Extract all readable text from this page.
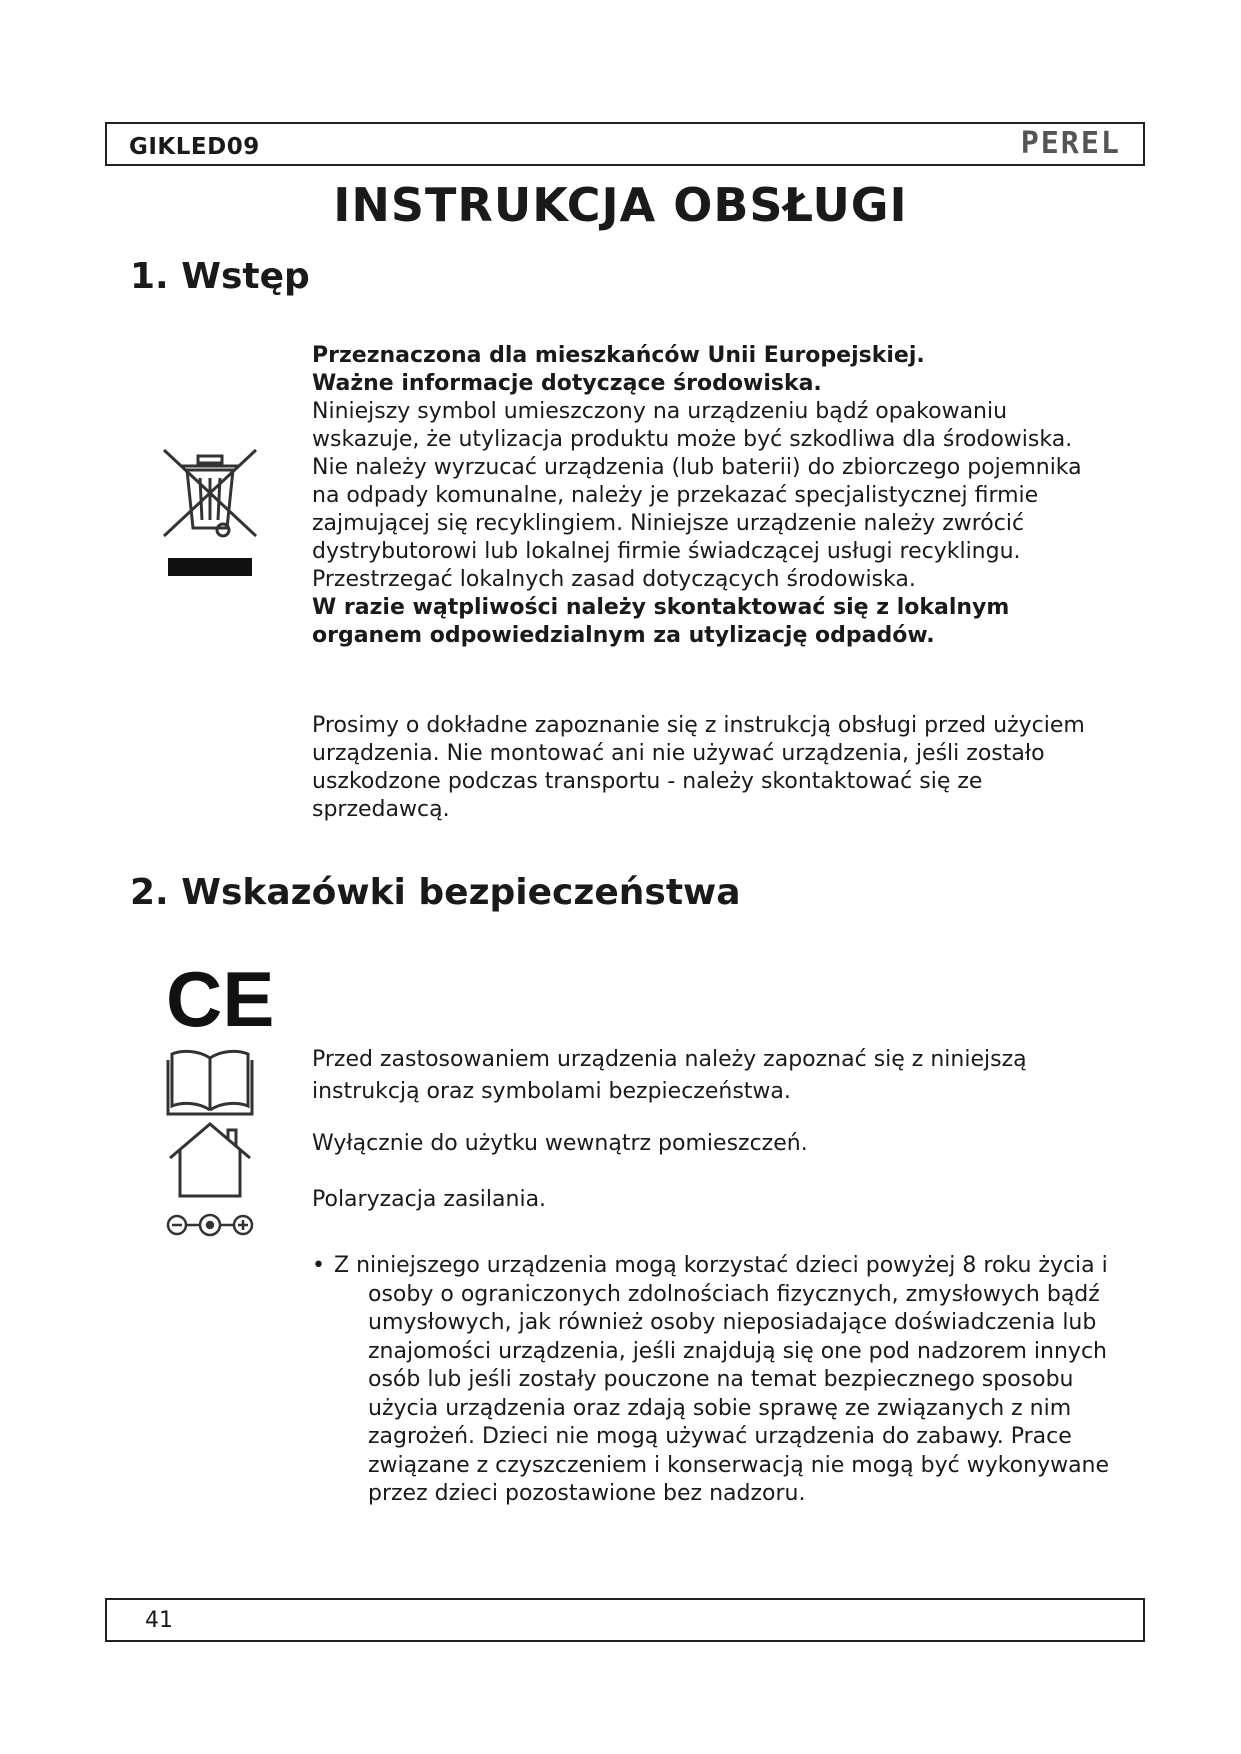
GIKLED09	PEREL
INSTRUKCJA OBSŁUGI
1. Wstęp

Przeznaczona dla mieszkańców Unii Europejskiej.

Ważne informacje dotyczące środowiska.

Niniejszy symbol umieszczony na urządzeniu bądź opakowaniu wskazuje, że utylizacja produktu może być szkodliwa dla środowiska. Nie należy wyrzucać urządzenia (lub baterii) do zbiorczego pojemnika na odpady komunalne, należy je przekazać specjalistycznej firmie zajmującej się recyklingiem. Niniejsze urządzenie należy zwrócić dystrybutorowi lub lokalnej firmie świadczącej usługi recyklingu. Przestrzegać lokalnych zasad dotyczących środowiska.

W razie wątpliwości należy skontaktować się z lokalnym organem odpowiedzialnym za utylizację odpadów.

Prosimy o dokładne zapoznanie się z instrukcją obsługi przed użyciem urządzenia. Nie montować ani nie używać urządzenia, jeśli zostało uszkodzone podczas transportu - należy skontaktować się ze sprzedawcą.

2. Wskazówki bezpieczeństwa
CE

Przed zastosowaniem urządzenia należy zapoznać się z niniejszą instrukcją oraz symbolami bezpieczeństwa.

Wyłącznie do użytku wewnątrz pomieszczeń.

Polaryzacja zasilania.

• Z niniejszego urządzenia mogą korzystać dzieci powyżej 8 roku życia i osoby o ograniczonych zdolnościach fizycznych, zmysłowych bądź umysłowych, jak również osoby nieposiadające doświadczenia lub znajomości urządzenia, jeśli znajdują się one pod nadzorem innych osób lub jeśli zostały pouczone na temat bezpiecznego sposobu użycia urządzenia oraz zdają sobie sprawę ze związanych z nim zagrożeń. Dzieci nie mogą używać urządzenia do zabawy. Prace związane z czyszczeniem i konserwacją nie mogą być wykonywane przez dzieci pozostawione bez nadzoru.

41
